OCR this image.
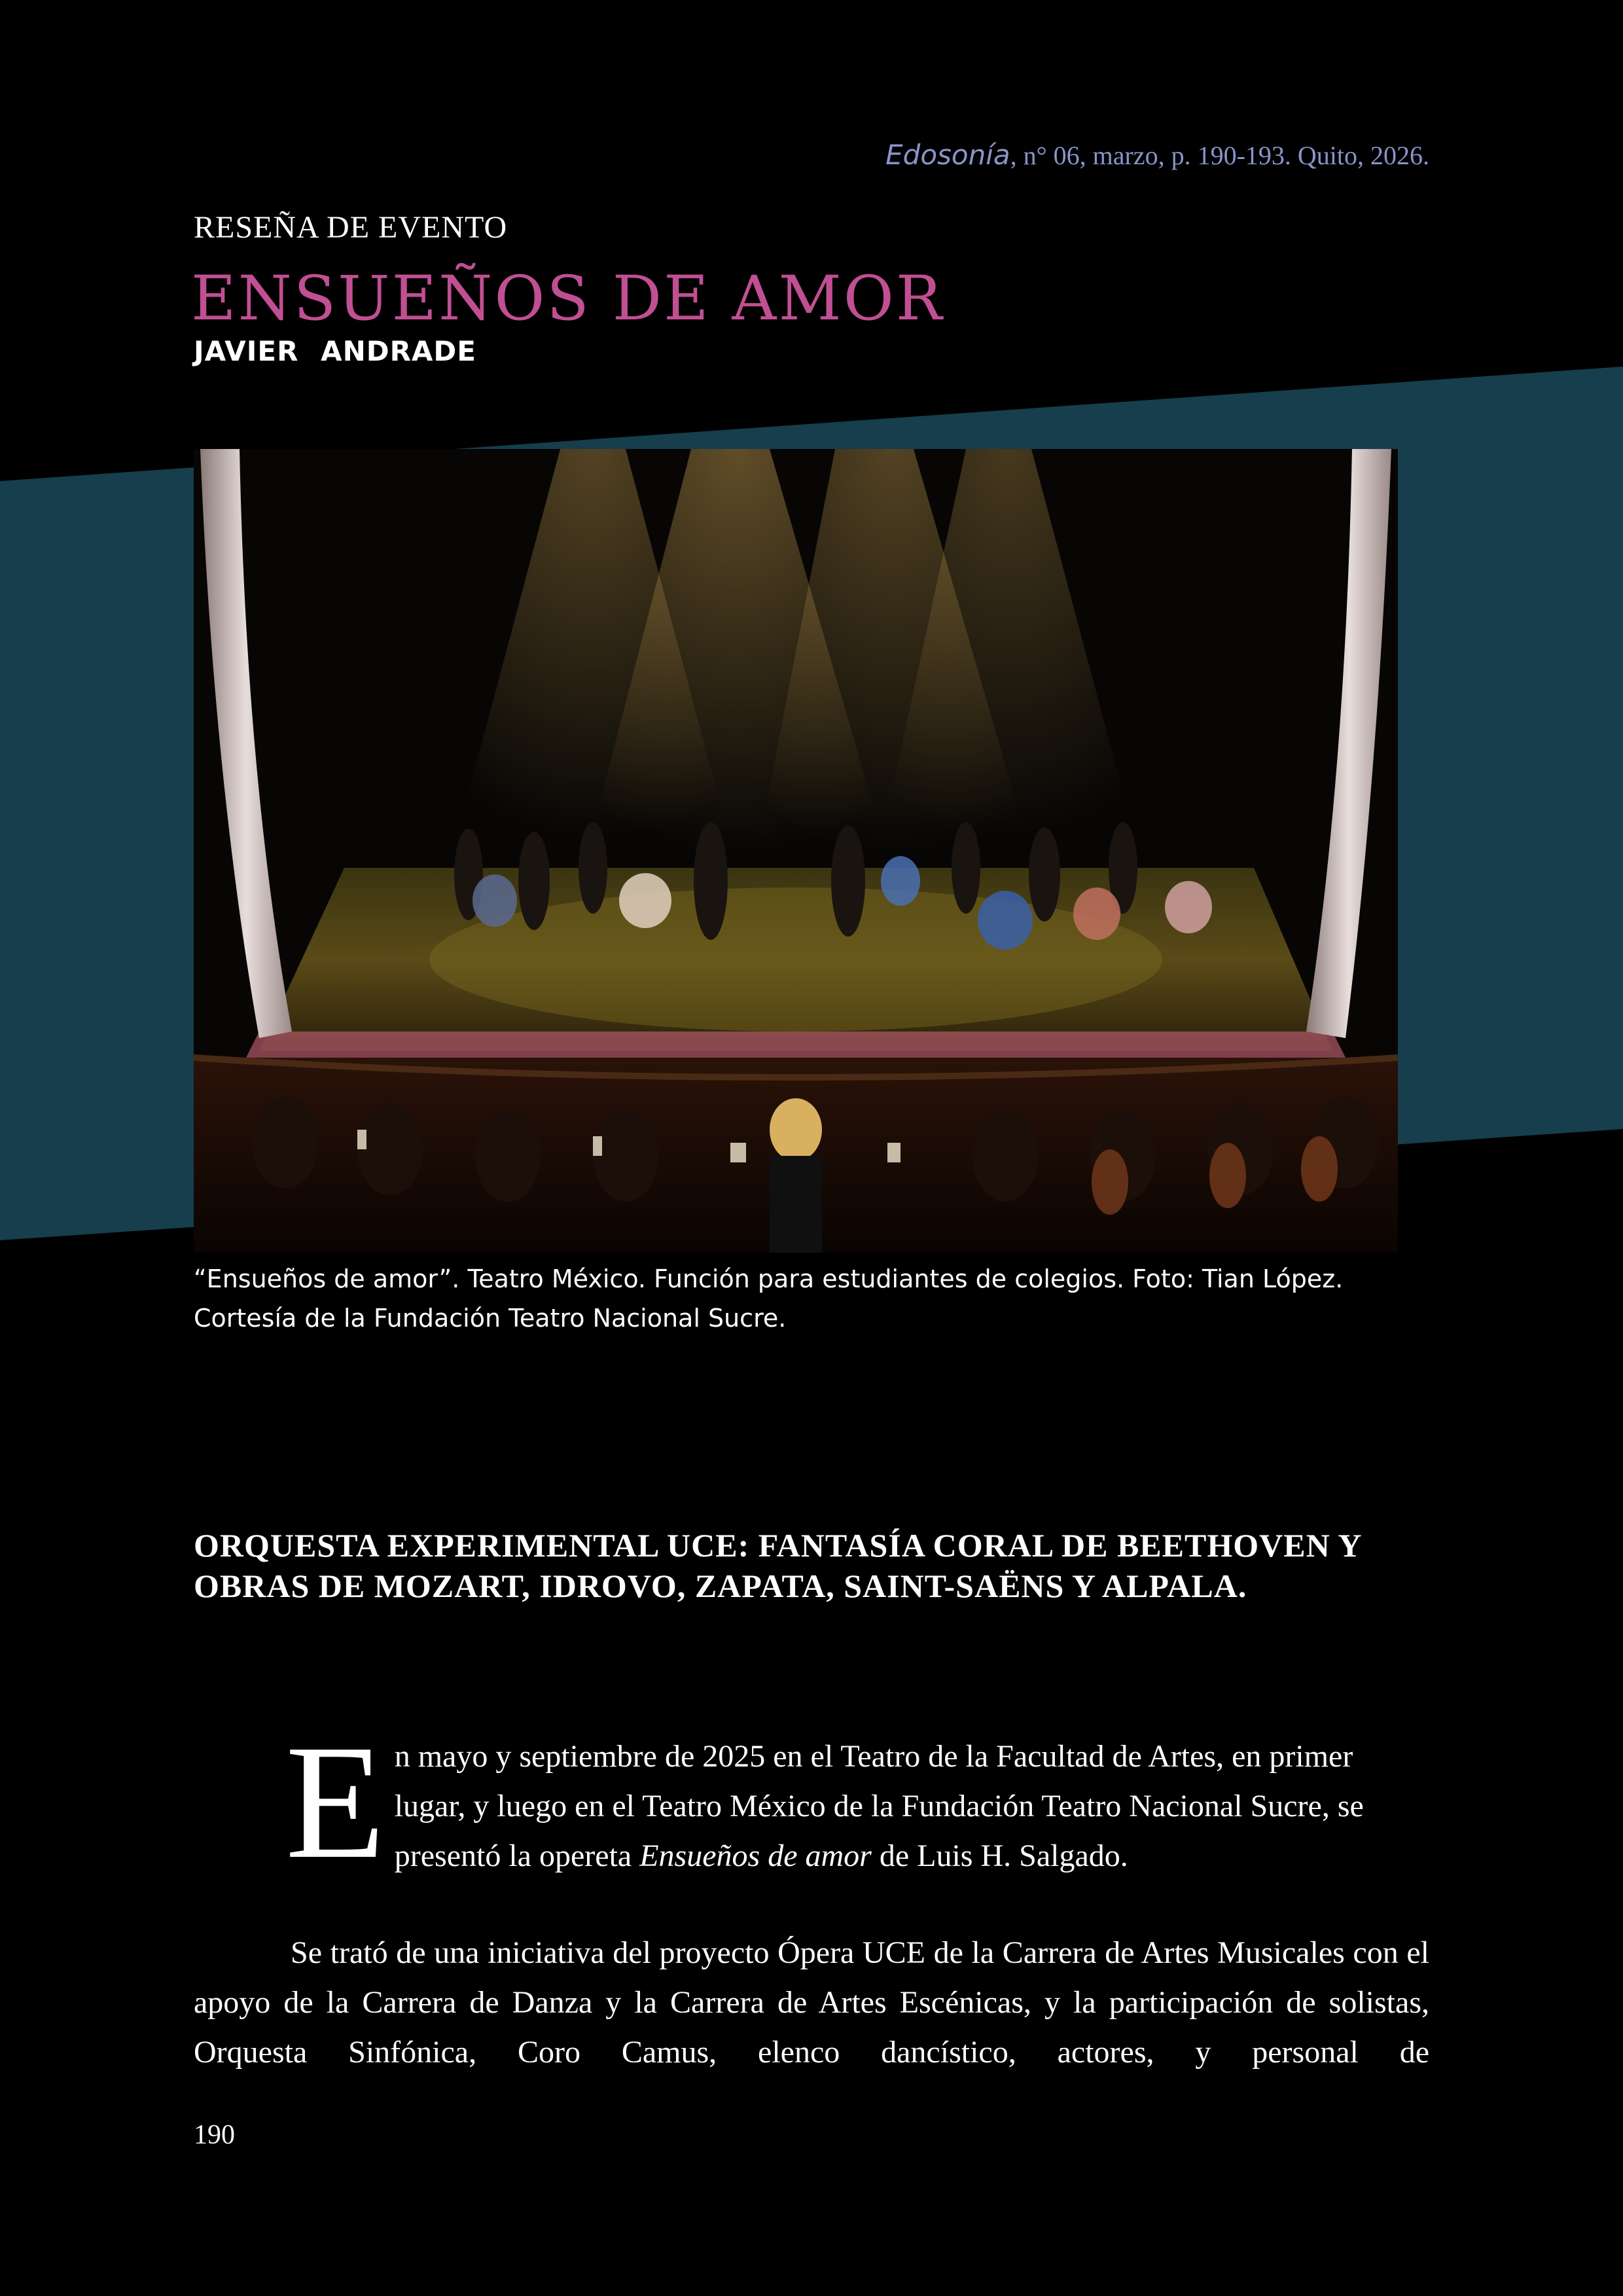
Edosonía, n° 06, marzo, p. 190-193. Quito, 2026.
RESEÑA DE EVENTO
ENSUEÑOS DE AMOR
JAVIER ANDRADE
“Ensueños de amor”. Teatro México. Función para estudiantes de colegios. Foto: Tian López. Cortesía de la Fundación Teatro Nacional Sucre.
ORQUESTA EXPERIMENTAL UCE: FANTASÍA CORAL DE BEETHOVEN Y OBRAS DE MOZART, IDROVO, ZAPATA, SAINT-SAËNS Y ALPALA.
En mayo y septiembre de 2025 en el Teatro de la Facultad de Artes, en primer lugar, y luego en el Teatro México de la Fundación Teatro Nacional Sucre, se presentó la opereta Ensueños de amor de Luis H. Salgado.
Se trató de una iniciativa del proyecto Ópera UCE de la Carrera de Artes Musicales con el apoyo de la Carrera de Danza y la Carrera de Artes Escénicas, y la participación de solistas, Orquesta Sinfónica, Coro Camus, elenco dancístico, actores, y personal de
190
